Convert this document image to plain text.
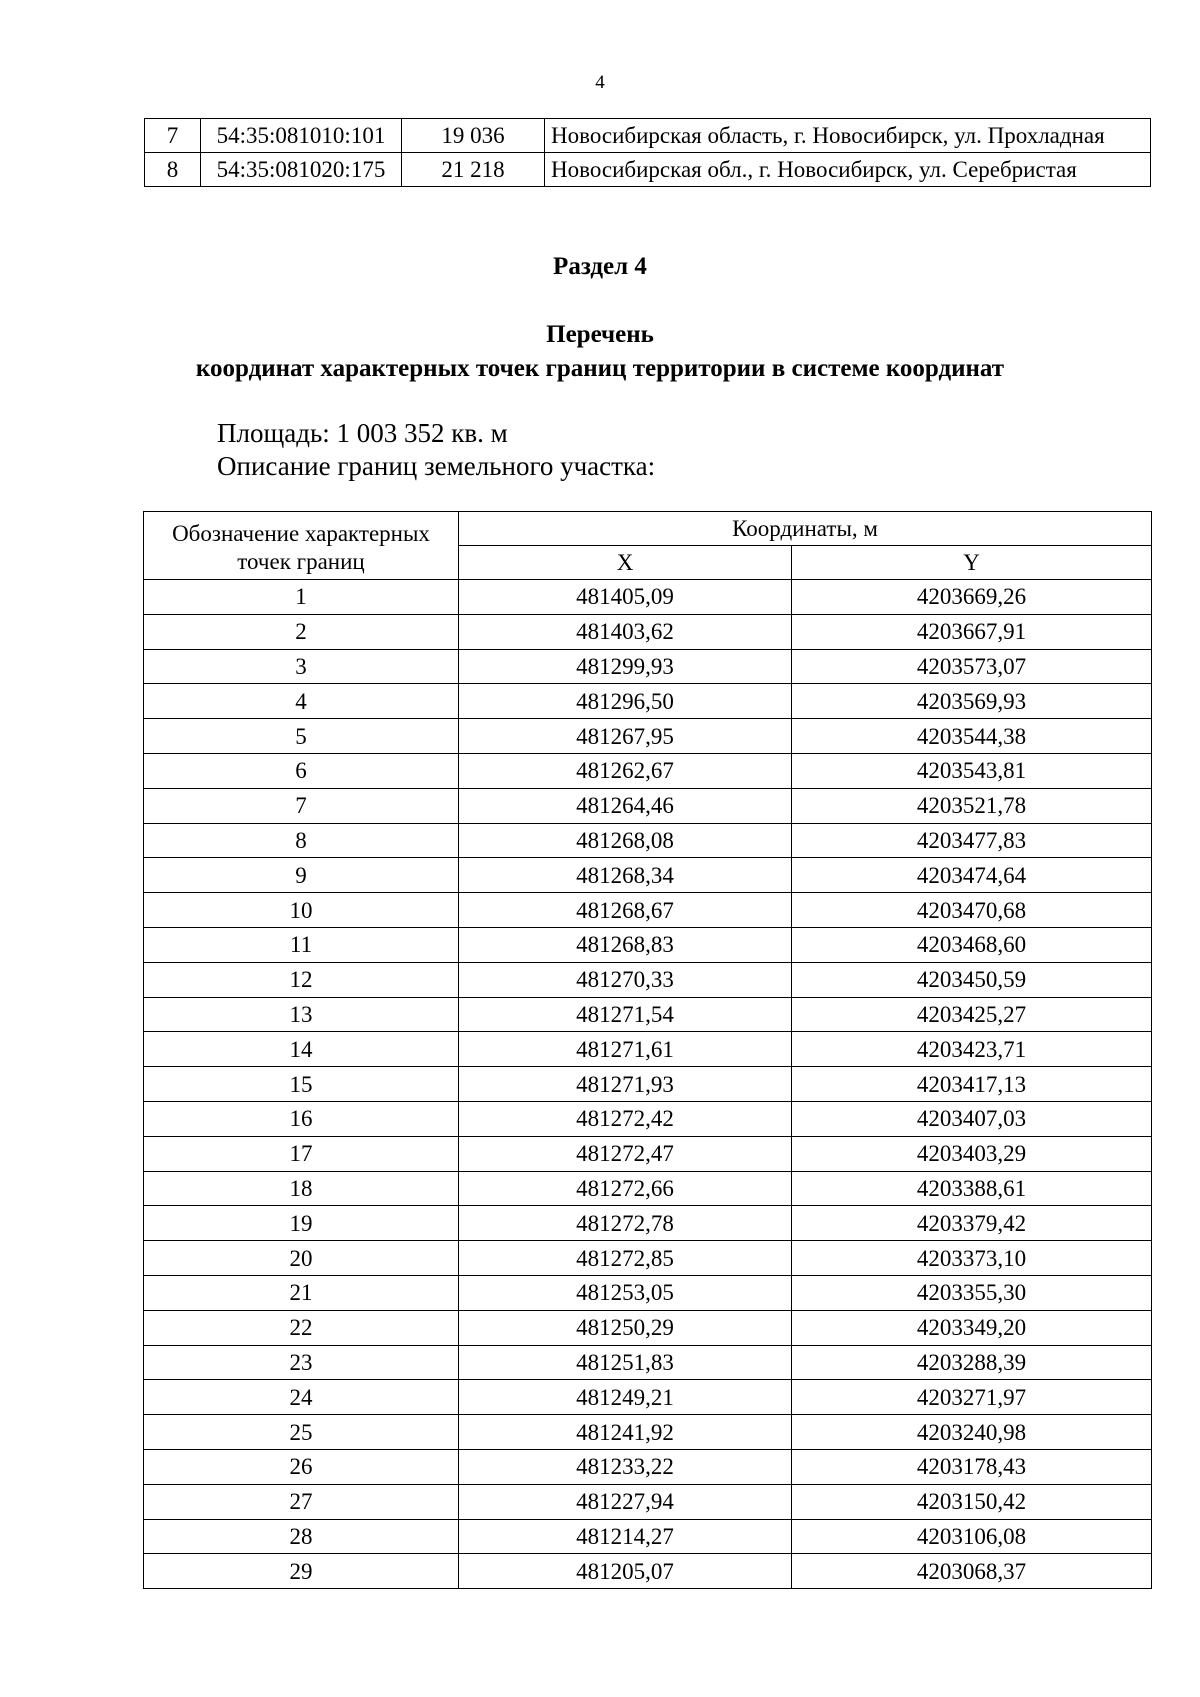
4
7	54:35:081010:101	19 036	Новосибирская область, г. Новосибирск, ул. Прохладная
8	54:35:081020:175	21 218	Новосибирская обл., г. Новосибирск, ул. Серебристая
Раздел 4
Перечень
координат характерных точек границ территории в системе координат
Площадь: 1 003 352 кв. м
Описание границ земельного участка:
Обозначение характерных точек границ	Координаты, м	
	X	Y
1	481405,09	4203669,26
2	481403,62	4203667,91
3	481299,93	4203573,07
4	481296,50	4203569,93
5	481267,95	4203544,38
6	481262,67	4203543,81
7	481264,46	4203521,78
8	481268,08	4203477,83
9	481268,34	4203474,64
10	481268,67	4203470,68
11	481268,83	4203468,60
12	481270,33	4203450,59
13	481271,54	4203425,27
14	481271,61	4203423,71
15	481271,93	4203417,13
16	481272,42	4203407,03
17	481272,47	4203403,29
18	481272,66	4203388,61
19	481272,78	4203379,42
20	481272,85	4203373,10
21	481253,05	4203355,30
22	481250,29	4203349,20
23	481251,83	4203288,39
24	481249,21	4203271,97
25	481241,92	4203240,98
26	481233,22	4203178,43
27	481227,94	4203150,42
28	481214,27	4203106,08
29	481205,07	4203068,37
